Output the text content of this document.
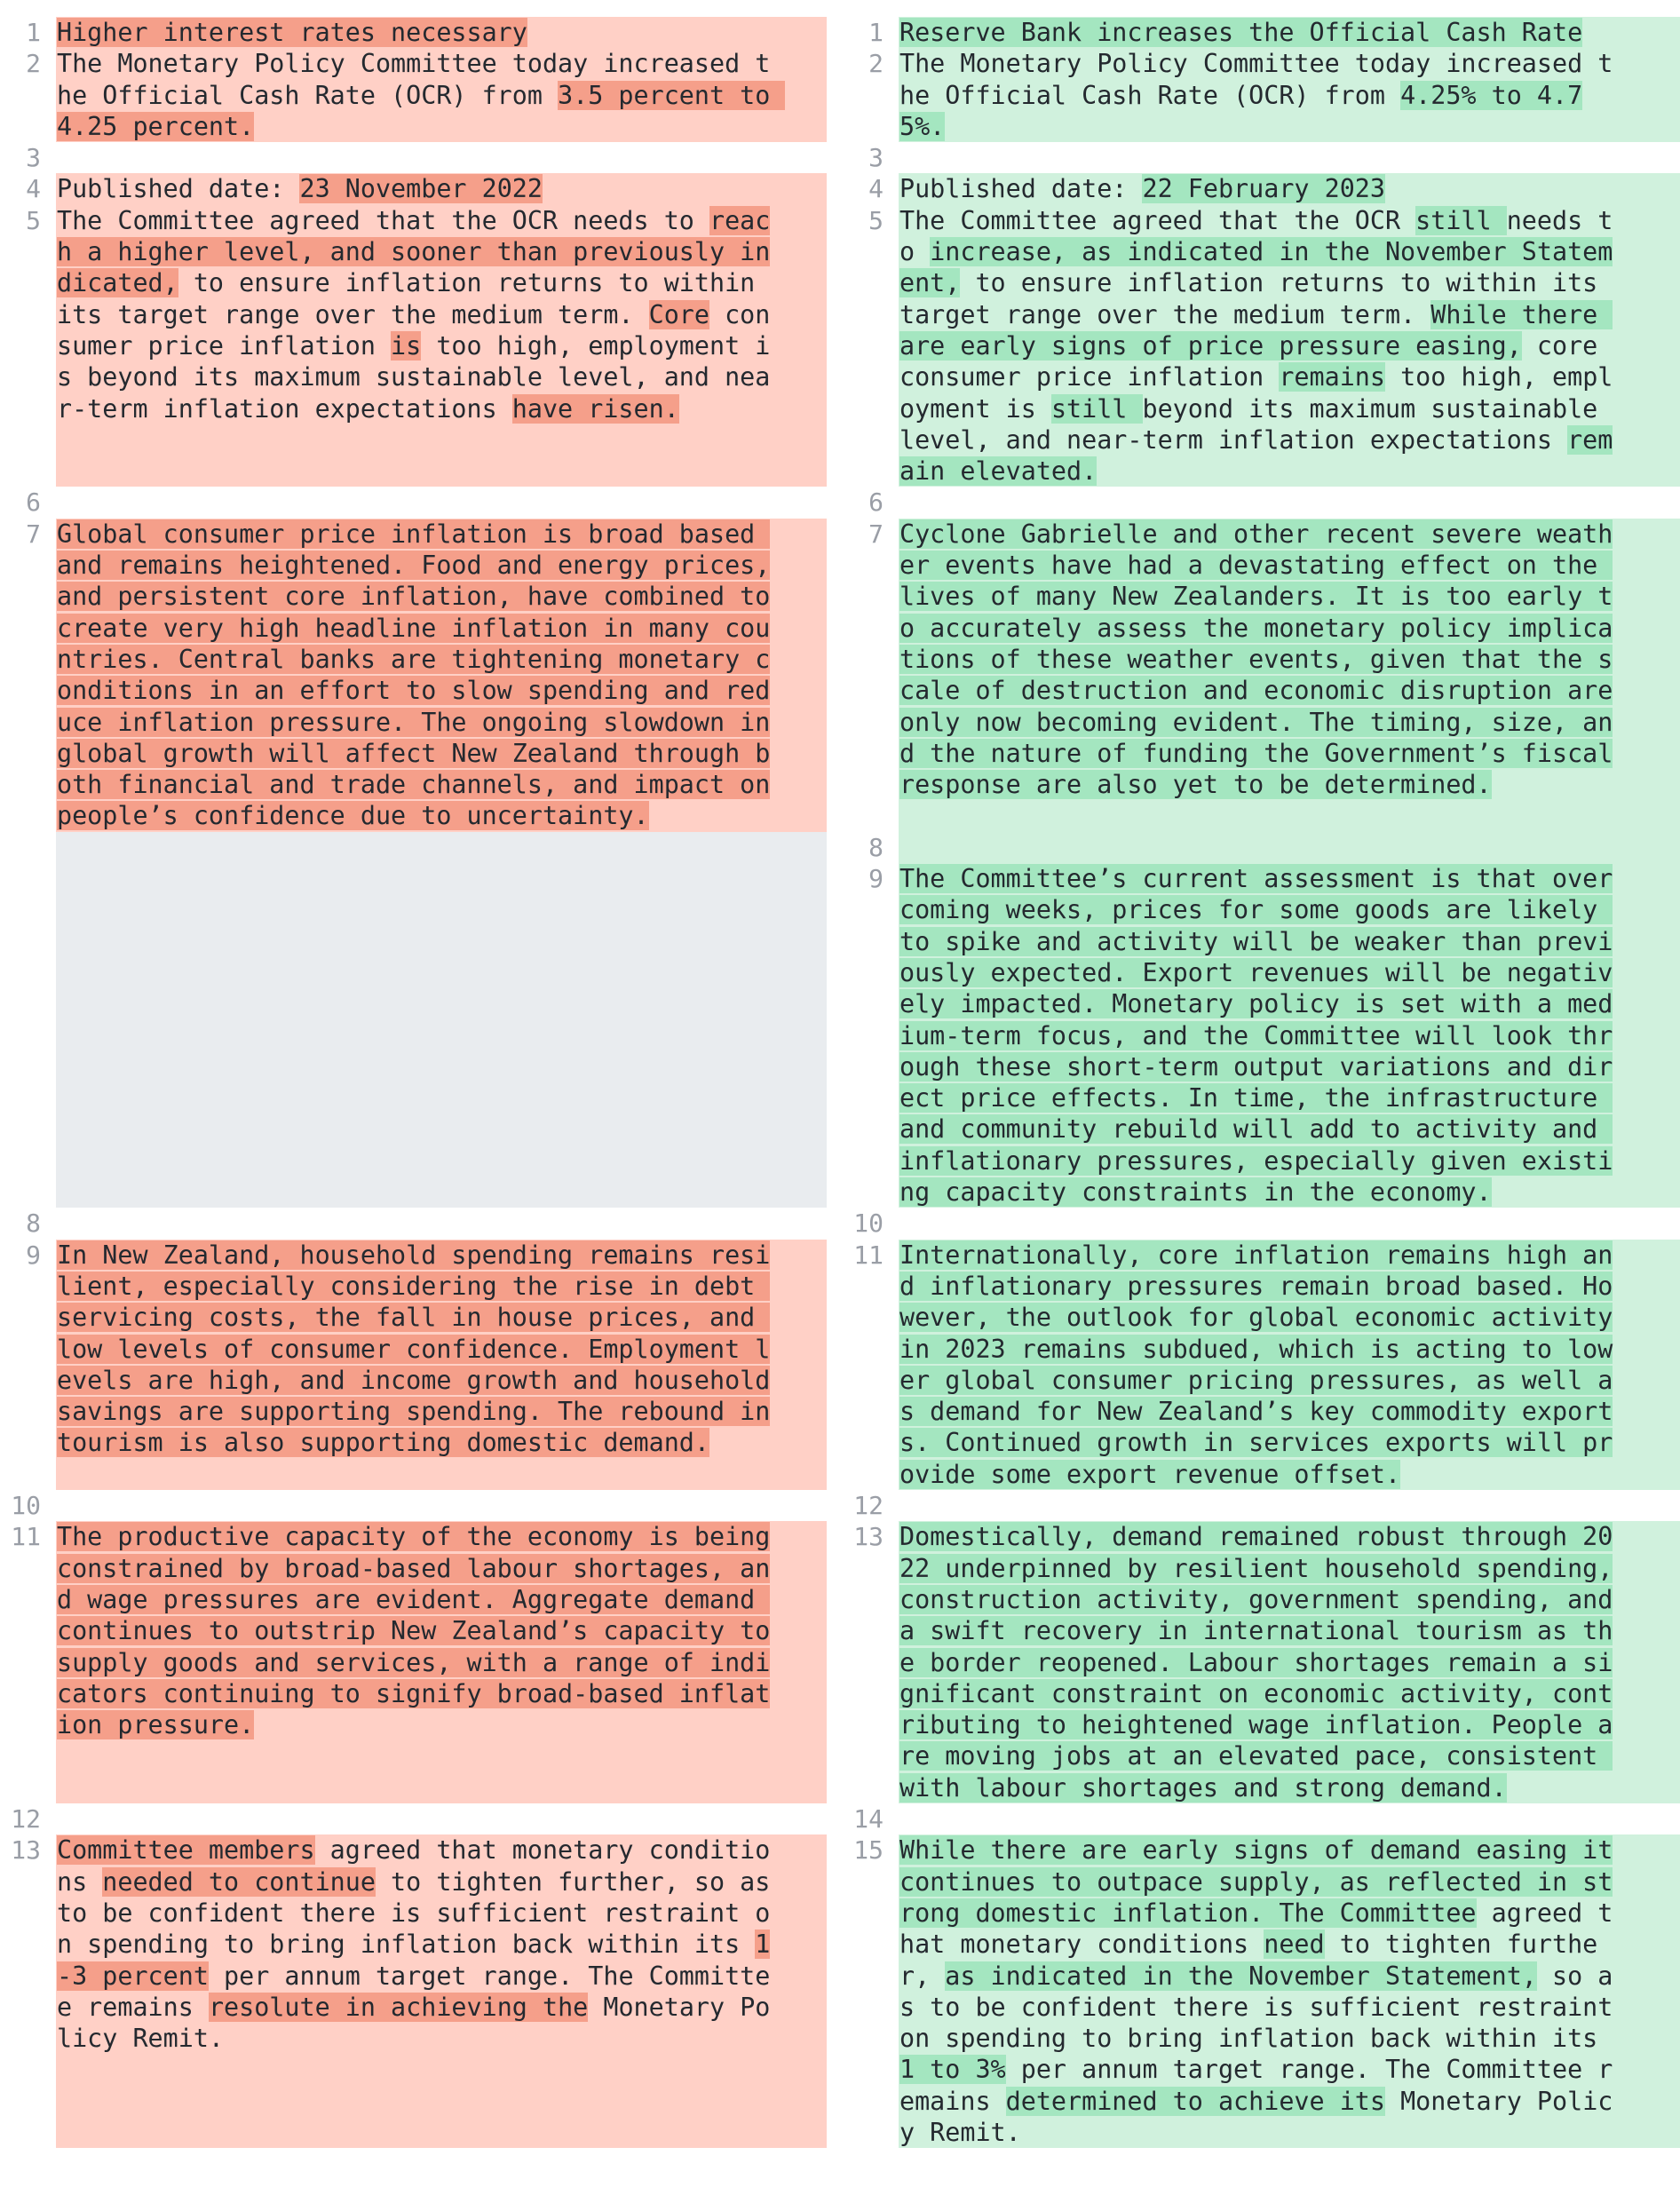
1 Higher interest rates necessary
2 The Monetary Policy Committee today increased t
he Official Cash Rate (OCR) from 3.5 percent to
4.25 percent.
3
4 Published date: 23 November 2022
5 The Committee agreed that the OCR needs to reac
h a higher level, and sooner than previously in
dicated, to ensure inflation returns to within
its target range over the medium term. Core con
sumer price inflation is too high, employment i
s beyond its maximum sustainable level, and nea
r-term inflation expectations have risen.
6
7 Global consumer price inflation is broad based
and remains heightened. Food and energy prices,
and persistent core inflation, have combined to
create very high headline inflation in many cou
ntries. Central banks are tightening monetary c
onditions in an effort to slow spending and red
uce inflation pressure. The ongoing slowdown in
global growth will affect New Zealand through b
oth financial and trade channels, and impact on
people’s confidence due to uncertainty.
8
9 In New Zealand, household spending remains resi
lient, especially considering the rise in debt
servicing costs, the fall in house prices, and
low levels of consumer confidence. Employment l
evels are high, and income growth and household
savings are supporting spending. The rebound in
tourism is also supporting domestic demand.
10
11 The productive capacity of the economy is being
constrained by broad-based labour shortages, an
d wage pressures are evident. Aggregate demand
continues to outstrip New Zealand’s capacity to
supply goods and services, with a range of indi
cators continuing to signify broad-based inflat
ion pressure.
12
13 Committee members agreed that monetary conditio
ns needed to continue to tighten further, so as
to be confident there is sufficient restraint o
n spending to bring inflation back within its 1
-3 percent per annum target range. The Committe
e remains resolute in achieving the Monetary Po
licy Remit.
1 Reserve Bank increases the Official Cash Rate
2 The Monetary Policy Committee today increased t
he Official Cash Rate (OCR) from 4.25% to 4.7
5%.
3
4 Published date: 22 February 2023
5 The Committee agreed that the OCR still needs t
o increase, as indicated in the November Statem
ent, to ensure inflation returns to within its
target range over the medium term. While there
are early signs of price pressure easing, core
consumer price inflation remains too high, empl
oyment is still beyond its maximum sustainable
level, and near-term inflation expectations rem
ain elevated.
6
7 Cyclone Gabrielle and other recent severe weath
er events have had a devastating effect on the
lives of many New Zealanders. It is too early t
o accurately assess the monetary policy implica
tions of these weather events, given that the s
cale of destruction and economic disruption are
only now becoming evident. The timing, size, an
d the nature of funding the Government’s fiscal
response are also yet to be determined.
8
9 The Committee’s current assessment is that over
coming weeks, prices for some goods are likely
to spike and activity will be weaker than previ
ously expected. Export revenues will be negativ
ely impacted. Monetary policy is set with a med
ium-term focus, and the Committee will look thr
ough these short-term output variations and dir
ect price effects. In time, the infrastructure
and community rebuild will add to activity and
inflationary pressures, especially given existi
ng capacity constraints in the economy.
10
11 Internationally, core inflation remains high an
d inflationary pressures remain broad based. Ho
wever, the outlook for global economic activity
in 2023 remains subdued, which is acting to low
er global consumer pricing pressures, as well a
s demand for New Zealand’s key commodity export
s. Continued growth in services exports will pr
ovide some export revenue offset.
12
13 Domestically, demand remained robust through 20
22 underpinned by resilient household spending,
construction activity, government spending, and
a swift recovery in international tourism as th
e border reopened. Labour shortages remain a si
gnificant constraint on economic activity, cont
ributing to heightened wage inflation. People a
re moving jobs at an elevated pace, consistent
with labour shortages and strong demand.
14
15 While there are early signs of demand easing it
continues to outpace supply, as reflected in st
rong domestic inflation. The Committee agreed t
hat monetary conditions need to tighten furthe
r, as indicated in the November Statement, so a
s to be confident there is sufficient restraint
on spending to bring inflation back within its
1 to 3% per annum target range. The Committee r
emains determined to achieve its Monetary Polic
y Remit.
